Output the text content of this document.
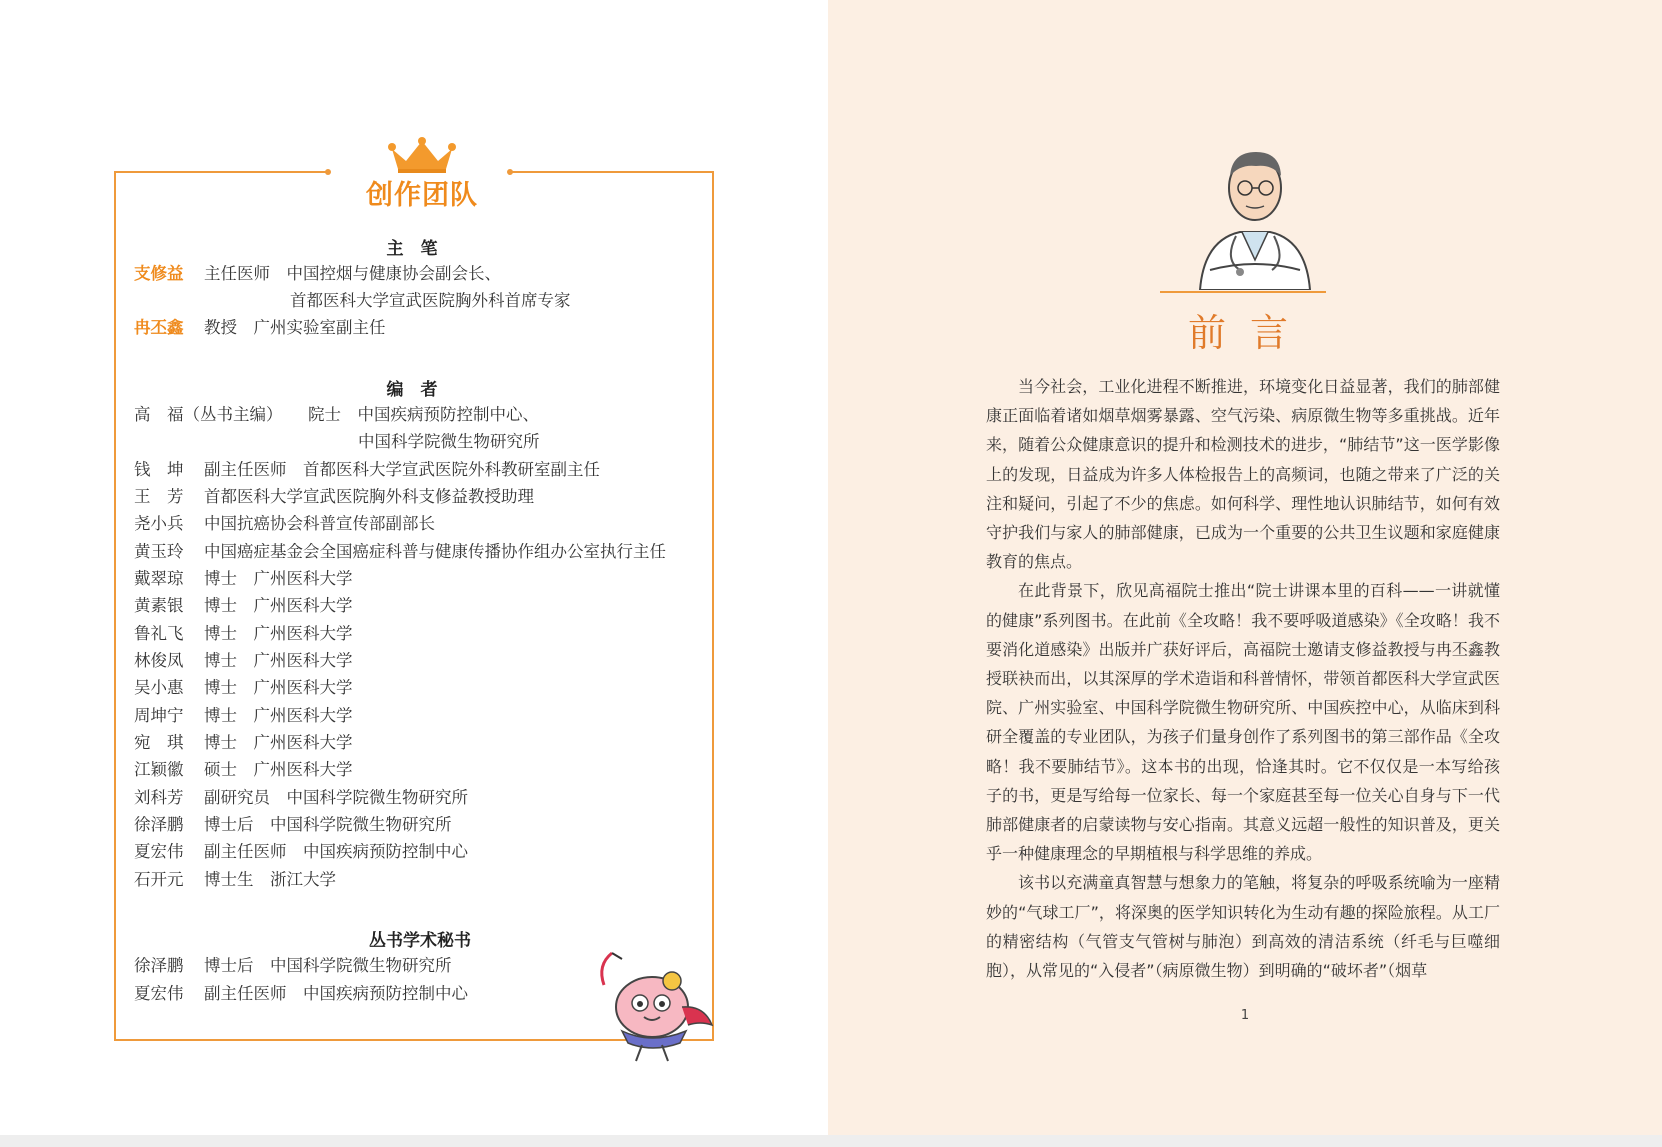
创作团队
主　笔
支修益 主任医师　中国控烟与健康协会副会长、
首都医科大学宣武医院胸外科首席专家
冉丕鑫 教授　广州实验室副主任
编　者
高　福（丛书主编） 院士　中国疾病预防控制中心、
中国科学院微生物研究所
钱　坤 副主任医师　首都医科大学宣武医院外科教研室副主任
王　芳 首都医科大学宣武医院胸外科支修益教授助理
尧小兵 中国抗癌协会科普宣传部副部长
黄玉玲 中国癌症基金会全国癌症科普与健康传播协作组办公室执行主任
戴翠琼 博士　广州医科大学
黄素银 博士　广州医科大学
鲁礼飞 博士　广州医科大学
林俊凤 博士　广州医科大学
吴小惠 博士　广州医科大学
周坤宁 博士　广州医科大学
宛　琪 博士　广州医科大学
江颖徽 硕士　广州医科大学
刘科芳 副研究员　中国科学院微生物研究所
徐泽鹏 博士后　中国科学院微生物研究所
夏宏伟 副主任医师　中国疾病预防控制中心
石开元 博士生　浙江大学
丛书学术秘书
徐泽鹏 博士后　中国科学院微生物研究所
夏宏伟 副主任医师　中国疾病预防控制中心
前言

当今社会，工业化进程不断推进，环境变化日益显著，我们的肺部健康正面临着诸如烟草烟雾暴露、空气污染、病原微生物等多重挑战。近年来，随着公众健康意识的提升和检测技术的进步，“肺结节”这一医学影像上的发现，日益成为许多人体检报告上的高频词，也随之带来了广泛的关注和疑问，引起了不少的焦虑。如何科学、理性地认识肺结节，如何有效守护我们与家人的肺部健康，已成为一个重要的公共卫生议题和家庭健康教育的焦点。

在此背景下，欣见高福院士推出“院士讲课本里的百科——一讲就懂的健康”系列图书。在此前《全攻略！我不要呼吸道感染》《全攻略！我不要消化道感染》出版并广获好评后，高福院士邀请支修益教授与冉丕鑫教授联袂而出，以其深厚的学术造诣和科普情怀，带领首都医科大学宣武医院、广州实验室、中国科学院微生物研究所、中国疾控中心，从临床到科研全覆盖的专业团队，为孩子们量身创作了系列图书的第三部作品《全攻略！我不要肺结节》。这本书的出现，恰逢其时。它不仅仅是一本写给孩子的书，更是写给每一位家长、每一个家庭甚至每一位关心自身与下一代肺部健康者的启蒙读物与安心指南。其意义远超一般性的知识普及，更关乎一种健康理念的早期植根与科学思维的养成。

该书以充满童真智慧与想象力的笔触，将复杂的呼吸系统喻为一座精妙的“气球工厂”，将深奥的医学知识转化为生动有趣的探险旅程。从工厂的精密结构（气管支气管树与肺泡）到高效的清洁系统（纤毛与巨噬细胞），从常见的“入侵者”（病原微生物）到明确的“破坏者”（烟草

1
